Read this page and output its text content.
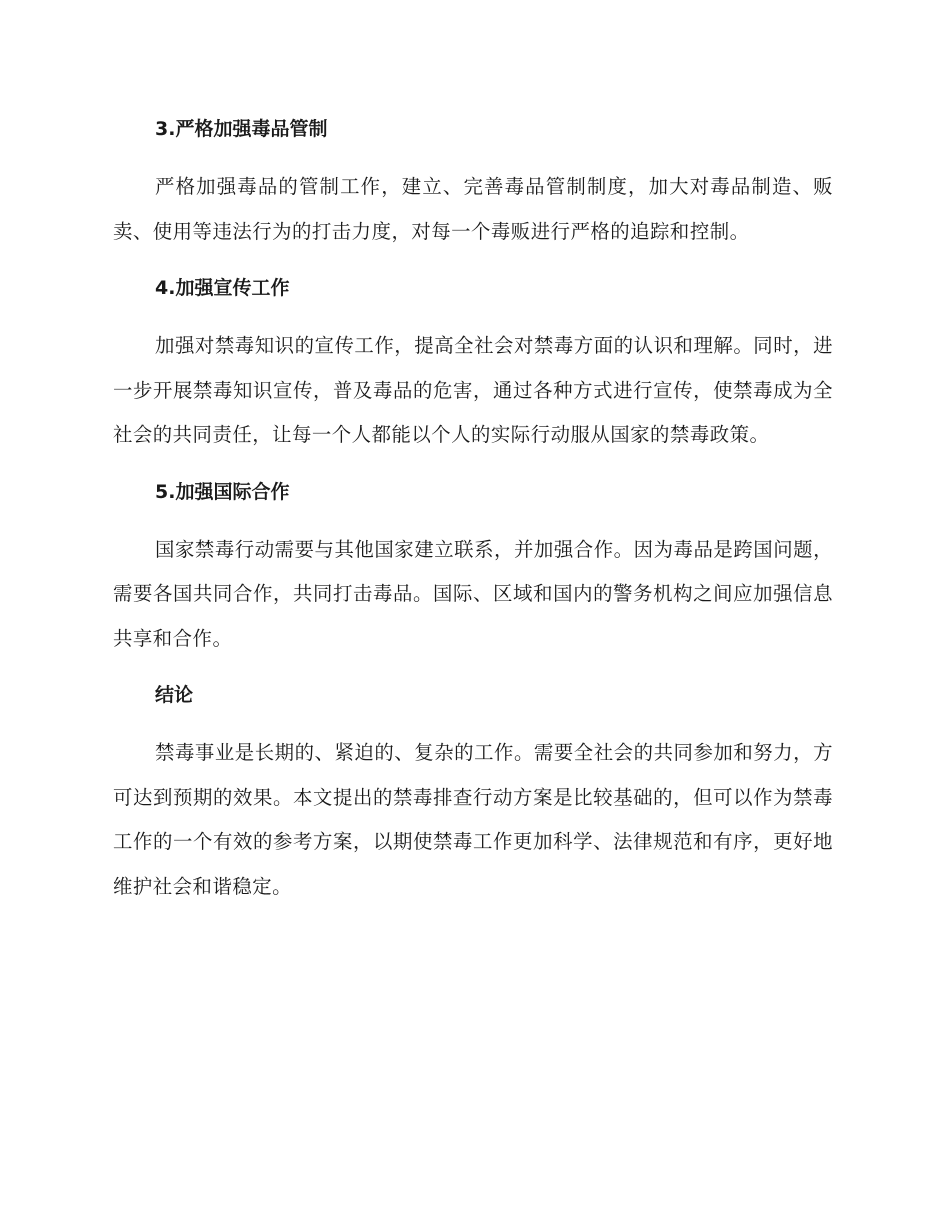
3.严格加强毒品管制

严格加强毒品的管制工作，建立、完善毒品管制制度，加大对毒品制造、贩卖、使用等违法行为的打击力度，对每一个毒贩进行严格的追踪和控制。

4.加强宣传工作

加强对禁毒知识的宣传工作，提高全社会对禁毒方面的认识和理解。同时，进一步开展禁毒知识宣传，普及毒品的危害，通过各种方式进行宣传，使禁毒成为全社会的共同责任，让每一个人都能以个人的实际行动服从国家的禁毒政策。

5.加强国际合作

国家禁毒行动需要与其他国家建立联系，并加强合作。因为毒品是跨国问题，需要各国共同合作，共同打击毒品。国际、区域和国内的警务机构之间应加强信息共享和合作。

结论

禁毒事业是长期的、紧迫的、复杂的工作。需要全社会的共同参加和努力，方可达到预期的效果。本文提出的禁毒排查行动方案是比较基础的，但可以作为禁毒工作的一个有效的参考方案，以期使禁毒工作更加科学、法律规范和有序，更好地维护社会和谐稳定。
